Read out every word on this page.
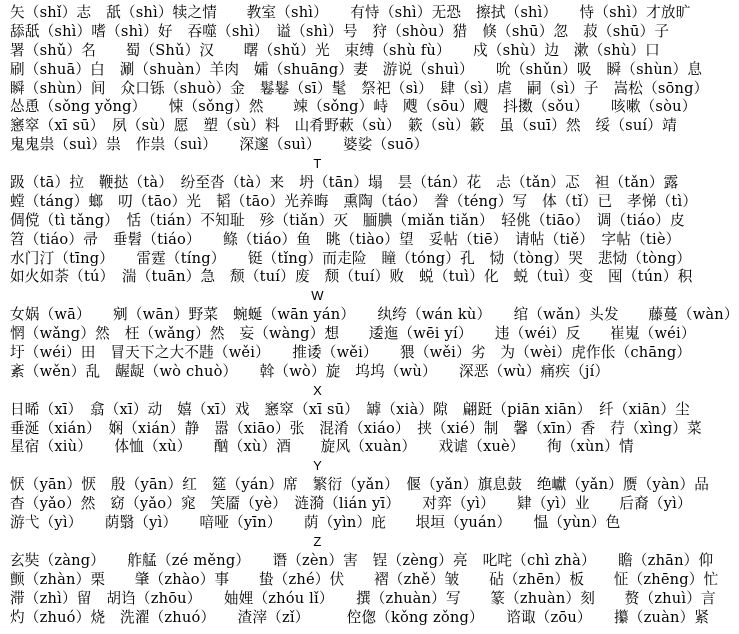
矢（shǐ）志　舐（shì）犊之情　　教室（shì）　　有恃（shì）无恐　擦拭（shì）　　恃（shì）才放旷
舔舐（shì）嗜（shì）好　吞噬（shì）　谥（shì）号　狩（shòu）猎　倏（shū）忽　菽（shū）子
署（shǔ）名　　蜀（Shǔ）汉　　曙（shǔ）光　束缚（shù fù）　　戍（shù）边　漱（shù）口
刷（shuā）白　涮（shuàn）羊肉　孀（shuāng）妻　游说（shuì）　　吮（shǔn）吸　瞬（shùn）息
瞬（shùn）间　众口铄（shuò）金　鬈鬈（sī）髦　祭祀（sì）　肆（sì）虐　嗣（sì）子　嵩松（sōng）
怂恿（sǒng yǒng）　　悚（sǒng）然　　竦（sǒng）峙　飕（sōu）飕　抖擞（sǒu）　　咳嗽（sòu）
窸窣（xī sū）　夙（sù）愿　塑（sù）料　山肴野蔌（sù）　簌（sù）簌　虽（suī）然　绥（suí）靖
鬼鬼祟（suì）祟　作祟（suì）　　深邃（suì）　　婆娑（suō）
T
趿（tā）拉　鞭挞（tà）　纷至沓（tà）来　坍（tān）塌　昙（tán）花　忐（tǎn）忑　袒（tǎn）露
螳（táng）螂　叨（tāo）光　韬（tāo）光养晦　熏陶（táo）　誊（téng）写　体（tǐ）已　孝悌（tì）
倜傥（tì tǎng）　恬（tián）不知耻　殄（tiǎn）灭　腼腆（miǎn tiǎn）　轻佻（tiāo）　调（tiáo）皮
笤（tiáo）帚　垂髫（tiáo）　　鲦（tiáo）鱼　眺（tiào）望　妥帖（tiē）　请帖（tiě）　字帖（tiè）
水门汀（tīng）　　雷霆（tíng）　　铤（tǐng）而走险　瞳（tóng）孔　恸（tòng）哭　悲恸（tòng）
如火如荼（tú）　湍（tuān）急　颓（tuí）废　颓（tuí）败　蜕（tuì）化　蜕（tuì）变　囤（tún）积
W
女娲（wā）　　剜（wān）野菜　蜿蜒（wān yán）　　纨绔（wán kù）　　绾（wǎn）头发　　藤蔓（wàn）
惘（wǎng）然　枉（wǎng）然　妄（wàng）想　　逶迤（wēi yí）　　违（wéi）反　　崔嵬（wéi）
圩（wéi）田　冒天下之大不韪（wěi）　　推诿（wěi）　　猥（wěi）劣　为（wèi）虎作伥（chāng）
紊（wěn）乱　龌龊（wò chuò）　　斡（wò）旋　坞坞（wù）　　深恶（wù）痛疾（jí）
X
日晞（xī）　翕（xī）动　嬉（xī）戏　窸窣（xī sū）　罅（xià）隙　翩跹（piān xiān）　纤（xiān）尘
垂涎（xián）　娴（xián）静　嚣（xiāo）张　混淆（xiáo）　挟（xié）制　馨（xīn）香　荇（xìng）菜
星宿（xiù）　　体恤（xù）　　酗（xù）酒　　旋风（xuàn）　　戏谑（xuè）　　徇（xùn）情
Y
恹（yān）恹　殷（yān）红　筵（yán）席　繁衍（yǎn）　偃（yǎn）旗息鼓　绝巘（yǎn）赝（yàn）品
杳（yǎo）然　窈（yǎo）窕　笑靥（yè）　涟漪（lián yī）　　对弈（yì）　　肄（yì）业　　后裔（yì）
游弋（yì）　　荫翳（yì）　　喑哑（yīn）　　荫（yìn）庇　　垠垣（yuán）　　愠（yùn）色
Z
玄奘（zàng）　　舴艋（zé měng）　　谮（zèn）害　锃（zèng）亮　叱咤（chì zhà）　　瞻（zhān）仰
颤（zhàn）栗　　肇（zhào）事　　蛰（zhé）伏　　褶（zhě）皱　　砧（zhēn）板　　怔（zhēng）忙
滞（zhì）留　胡诌（zhōu）　　妯娌（zhóu lǐ）　　撰（zhuàn）写　　篆（zhuàn）刻　　赘（zhuì）言
灼（zhuó）烧　洗濯（zhuó）　　渣滓（zǐ）　　　倥偬（kǒng zǒng）　　谘诹（zōu）　　攥（zuàn）紧
